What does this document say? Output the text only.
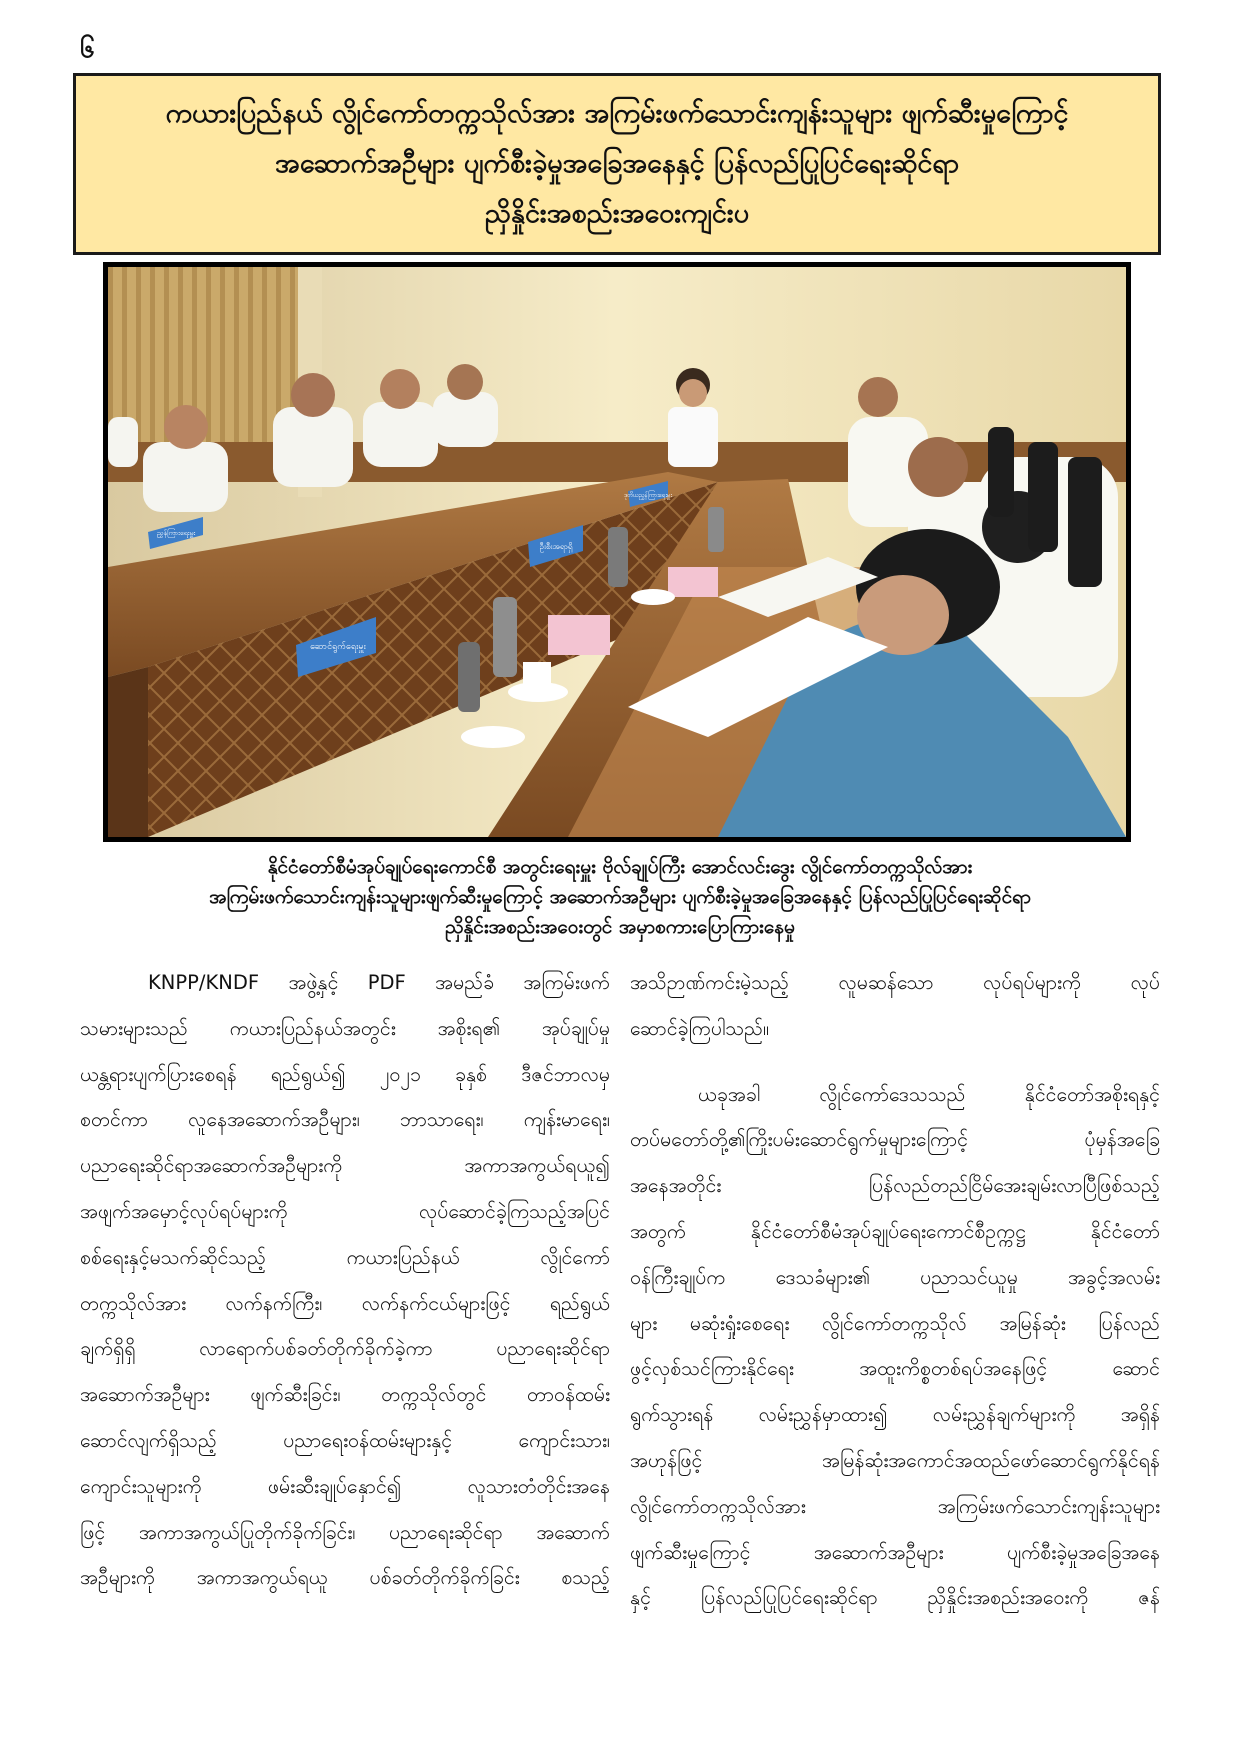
၆
ကယားပြည်နယ် လွိုင်ကော်တက္ကသိုလ်အား အကြမ်းဖက်သောင်းကျန်းသူများ ဖျက်ဆီးမှုကြောင့်
အဆောက်အဦများ ပျက်စီးခဲ့မှုအခြေအနေနှင့် ပြန်လည်ပြုပြင်ရေးဆိုင်ရာ
ညှိနှိုင်းအစည်းအဝေးကျင်းပ
ဆောင်ရွက်ရေးမှူး
ဦးစီးအရာရှိ
ညွှန်ကြားရေးမှူး
ဒုတိယညွှန်ကြားရေးမှူး
နိုင်ငံတော်စီမံအုပ်ချုပ်ရေးကောင်စီ အတွင်းရေးမှူး ဗိုလ်ချုပ်ကြီး အောင်လင်းဒွေး လွိုင်ကော်တက္ကသိုလ်အား
အကြမ်းဖက်သောင်းကျန်းသူများဖျက်ဆီးမှုကြောင့် အဆောက်အဦများ ပျက်စီးခဲ့မှုအခြေအနေနှင့် ပြန်လည်ပြုပြင်ရေးဆိုင်ရာ
ညှိနှိုင်းအစည်းအဝေးတွင် အမှာစကားပြောကြားနေမှု
KNPP/KNDF အဖွဲ့နှင့် PDF အမည်ခံ အကြမ်းဖက်
သမားများသည် ကယားပြည်နယ်အတွင်း အစိုးရ၏ အုပ်ချုပ်မှု
ယန္တရားပျက်ပြားစေရန် ရည်ရွယ်၍ ၂၀၂၁ ခုနှစ် ဒီဇင်ဘာလမှ
စတင်ကာ လူနေအဆောက်အဦများ၊ ဘာသာရေး၊ ကျန်းမာရေး၊
ပညာရေးဆိုင်ရာအဆောက်အဦများကို အကာအကွယ်ရယူ၍
အဖျက်အမှောင့်လုပ်ရပ်များကို လုပ်ဆောင်ခဲ့ကြသည့်အပြင်
စစ်ရေးနှင့်မသက်ဆိုင်သည့် ကယားပြည်နယ် လွိုင်ကော်
တက္ကသိုလ်အား လက်နက်ကြီး၊ လက်နက်ငယ်များဖြင့် ရည်ရွယ်
ချက်ရှိရှိ လာရောက်ပစ်ခတ်တိုက်ခိုက်ခဲ့ကာ ပညာရေးဆိုင်ရာ
အဆောက်အဦများ ဖျက်ဆီးခြင်း၊ တက္ကသိုလ်တွင် တာဝန်ထမ်း
ဆောင်လျက်ရှိသည့် ပညာရေးဝန်ထမ်းများနှင့် ကျောင်းသား၊
ကျောင်းသူများကို ဖမ်းဆီးချုပ်နှောင်၍ လူသားတံတိုင်းအနေ
ဖြင့် အကာအကွယ်ပြုတိုက်ခိုက်ခြင်း၊ ပညာရေးဆိုင်ရာ အဆောက်
အဦများကို အကာအကွယ်ရယူ ပစ်ခတ်တိုက်ခိုက်ခြင်း စသည့်
အသိဉာဏ်ကင်းမဲ့သည့် လူမဆန်သော လုပ်ရပ်များကို လုပ်
ဆောင်ခဲ့ကြပါသည်။
ယခုအခါ လွိုင်ကော်ဒေသသည် နိုင်ငံတော်အစိုးရနှင့်
တပ်မတော်တို့၏ကြိုးပမ်းဆောင်ရွက်မှုများကြောင့် ပုံမှန်အခြေ
အနေအတိုင်း ပြန်လည်တည်ငြိမ်အေးချမ်းလာပြီဖြစ်သည့်
အတွက် နိုင်ငံတော်စီမံအုပ်ချုပ်ရေးကောင်စီဥက္ကဋ္ဌ နိုင်ငံတော်
ဝန်ကြီးချုပ်က ဒေသခံများ၏ ပညာသင်ယူမှု အခွင့်အလမ်း
များ မဆုံးရှုံးစေရေး လွိုင်ကော်တက္ကသိုလ် အမြန်ဆုံး ပြန်လည်
ဖွင့်လှစ်သင်ကြားနိုင်ရေး အထူးကိစ္စတစ်ရပ်အနေဖြင့် ဆောင်
ရွက်သွားရန် လမ်းညွှန်မှာထား၍ လမ်းညွှန်ချက်များကို အရှိန်
အဟုန်ဖြင့် အမြန်ဆုံးအကောင်အထည်ဖော်ဆောင်ရွက်နိုင်ရန်
လွိုင်ကော်တက္ကသိုလ်အား အကြမ်းဖက်သောင်းကျန်းသူများ
ဖျက်ဆီးမှုကြောင့် အဆောက်အဦများ ပျက်စီးခဲ့မှုအခြေအနေ
နှင့် ပြန်လည်ပြုပြင်ရေးဆိုင်ရာ ညှိနှိုင်းအစည်းအဝေးကို ဇန်
